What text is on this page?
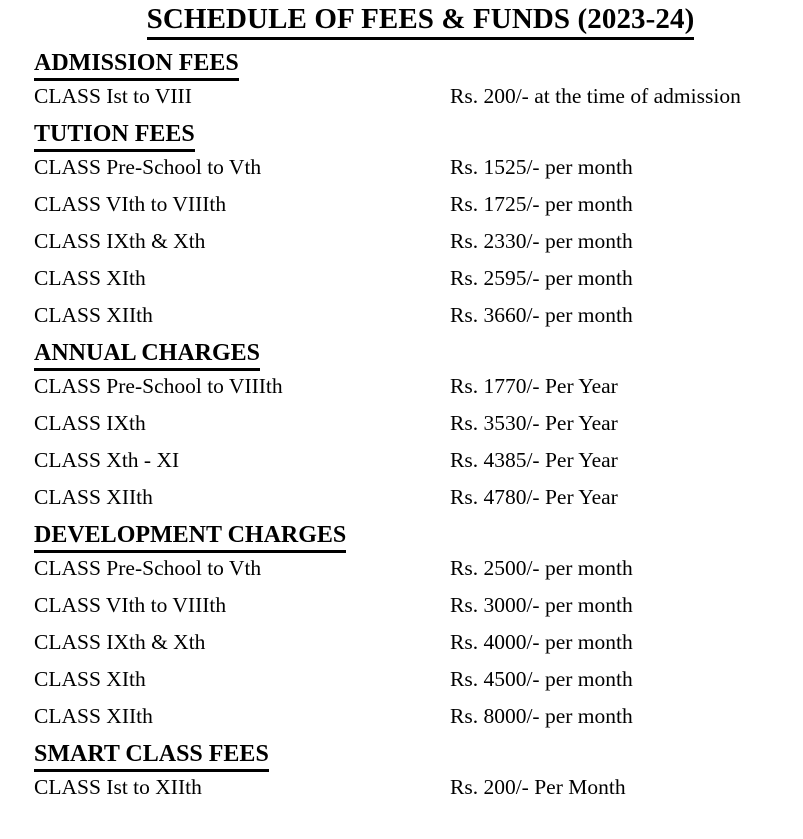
SCHEDULE OF FEES & FUNDS (2023-24)
ADMISSION FEES
CLASS Ist to VIII	Rs. 200/- at the time of admission
TUTION FEES
CLASS Pre-School to Vth	Rs. 1525/- per month
CLASS VIth to VIIIth	Rs. 1725/- per month
CLASS IXth & Xth	Rs. 2330/- per month
CLASS XIth	Rs. 2595/- per month
CLASS XIIth	Rs. 3660/- per month
ANNUAL CHARGES
CLASS Pre-School to VIIIth	Rs. 1770/- Per Year
CLASS IXth	Rs. 3530/- Per Year
CLASS Xth - XI	Rs. 4385/- Per Year
CLASS XIIth	Rs. 4780/- Per Year
DEVELOPMENT CHARGES
CLASS Pre-School to Vth	Rs. 2500/- per month
CLASS VIth to VIIIth	Rs. 3000/- per month
CLASS IXth & Xth	Rs. 4000/- per month
CLASS XIth	Rs. 4500/- per month
CLASS XIIth	Rs. 8000/- per month
SMART CLASS FEES
CLASS Ist to XIIth	Rs. 200/- Per Month
